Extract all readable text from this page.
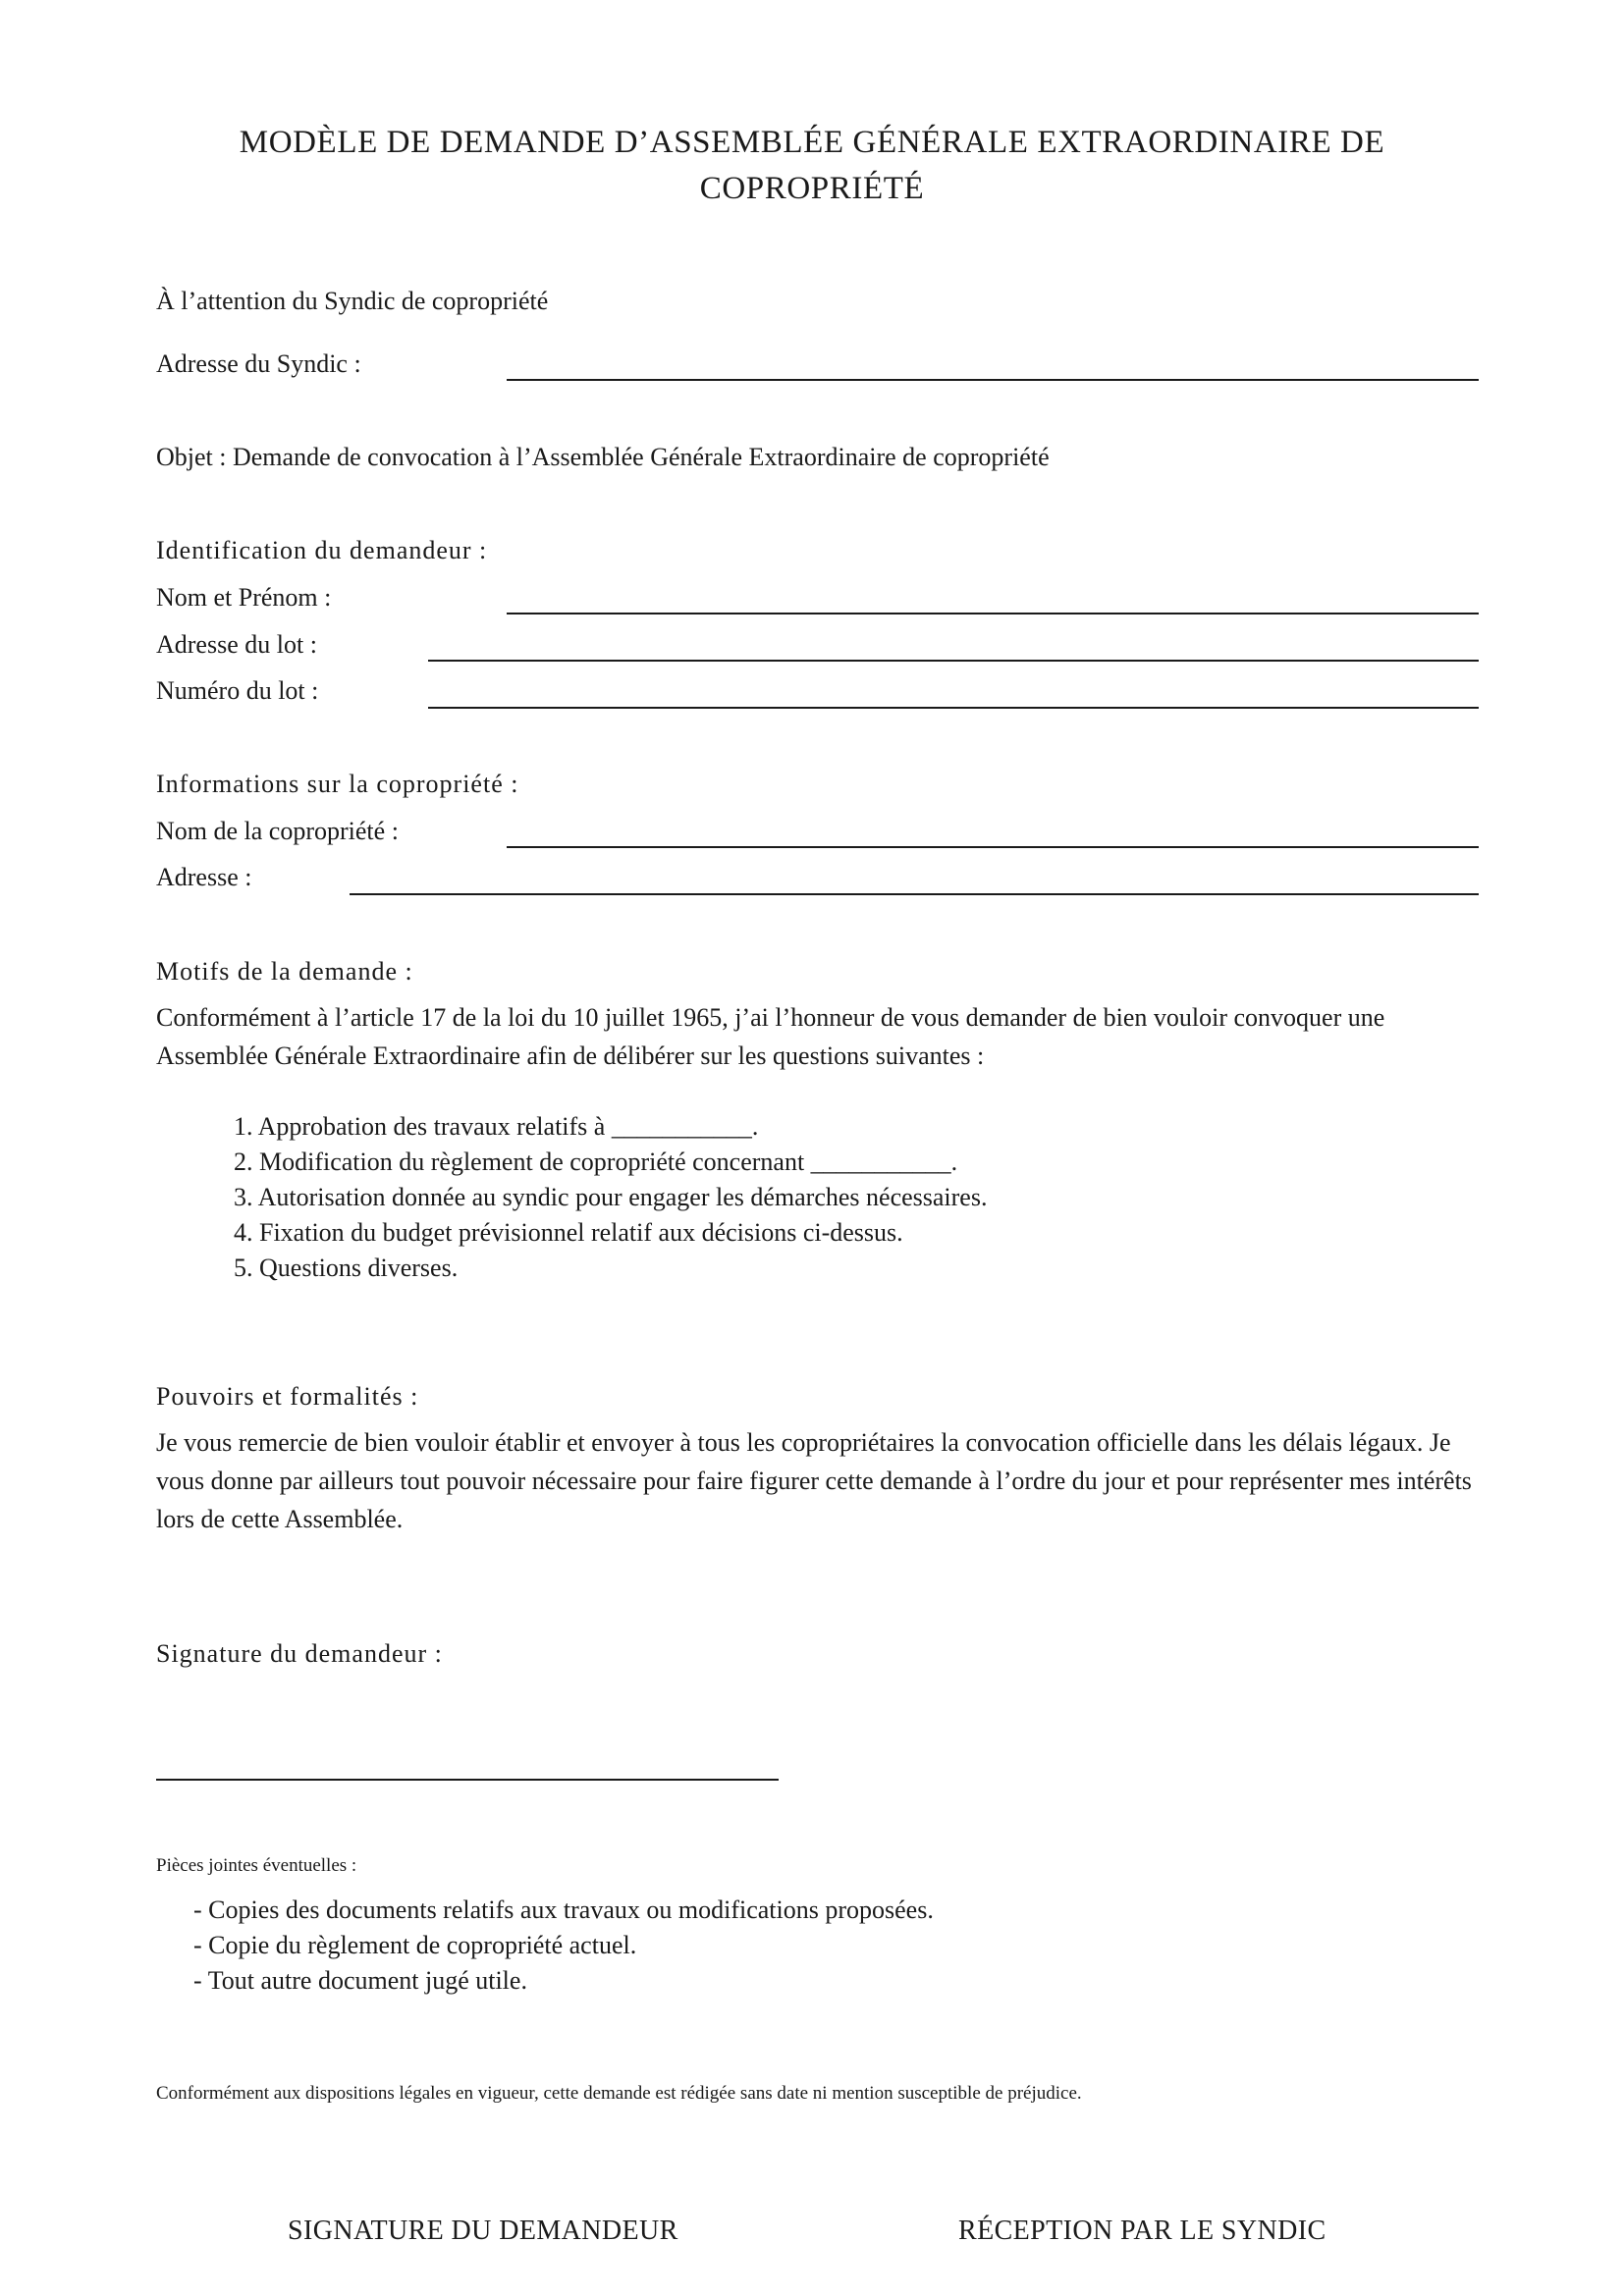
MODÈLE DE DEMANDE D’ASSEMBLÉE GÉNÉRALE EXTRAORDINAIRE DE COPROPRIÉTÉ
À l’attention du Syndic de copropriété
Adresse du Syndic :
Objet : Demande de convocation à l’Assemblée Générale Extraordinaire de copropriété
Identification du demandeur :
Nom et Prénom :
Adresse du lot :
Numéro du lot :
Informations sur la copropriété :
Nom de la copropriété :
Adresse :
Motifs de la demande :
Conformément à l’article 17 de la loi du 10 juillet 1965, j’ai l’honneur de vous demander de bien vouloir convoquer une Assemblée Générale Extraordinaire afin de délibérer sur les questions suivantes :
1. Approbation des travaux relatifs à ___________.
2. Modification du règlement de copropriété concernant ___________.
3. Autorisation donnée au syndic pour engager les démarches nécessaires.
4. Fixation du budget prévisionnel relatif aux décisions ci-dessus.
5. Questions diverses.
Pouvoirs et formalités :
Je vous remercie de bien vouloir établir et envoyer à tous les copropriétaires la convocation officielle dans les délais légaux. Je vous donne par ailleurs tout pouvoir nécessaire pour faire figurer cette demande à l’ordre du jour et pour représenter mes intérêts lors de cette Assemblée.
Signature du demandeur :
Pièces jointes éventuelles :
- Copies des documents relatifs aux travaux ou modifications proposées.
- Copie du règlement de copropriété actuel.
- Tout autre document jugé utile.
Conformément aux dispositions légales en vigueur, cette demande est rédigée sans date ni mention susceptible de préjudice.
SIGNATURE DU DEMANDEUR	RÉCEPTION PAR LE SYNDIC
